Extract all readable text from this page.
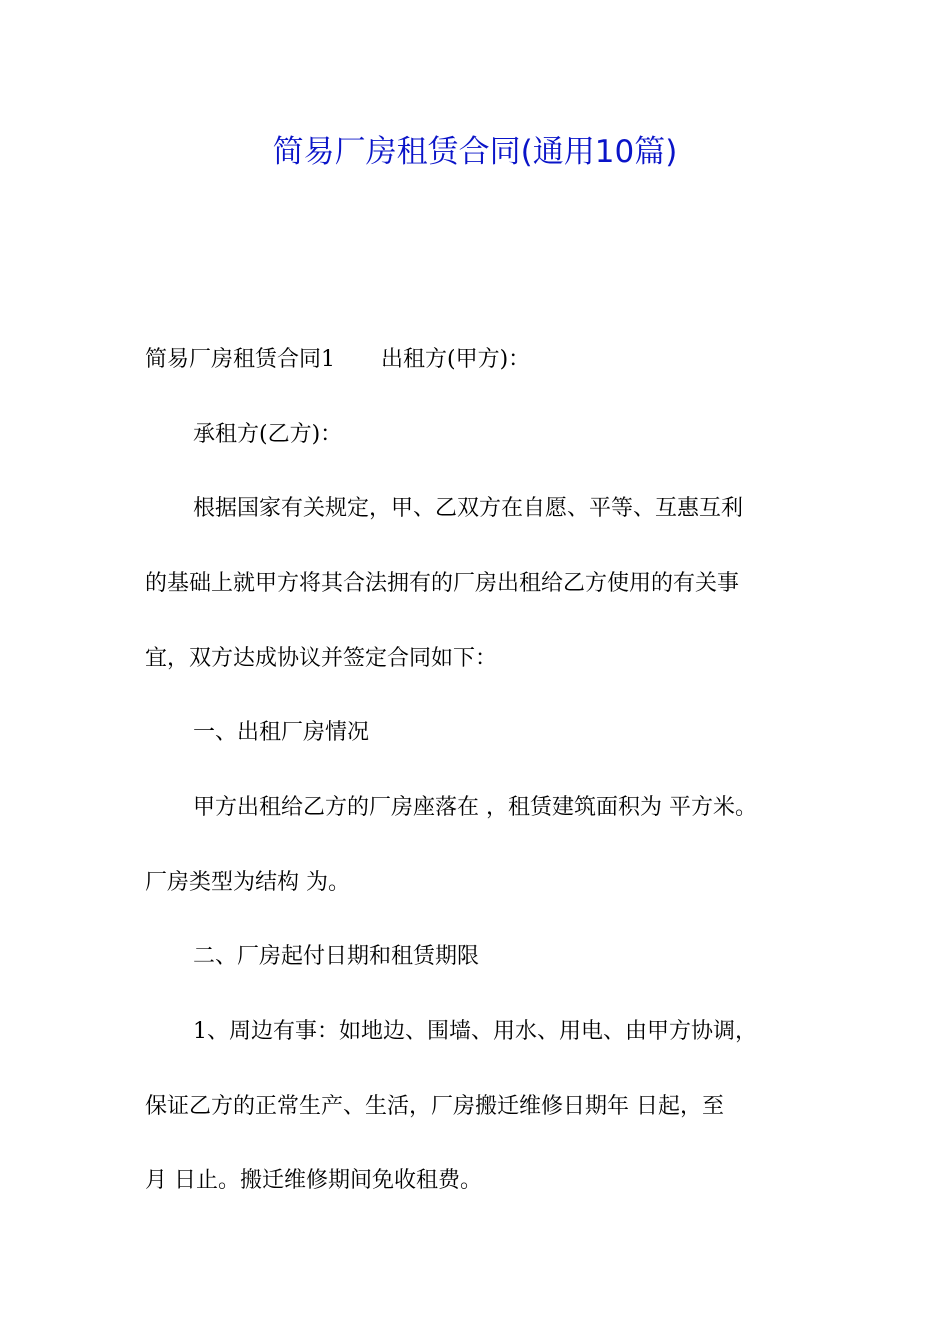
简易厂房租赁合同(通用10篇)
简易厂房租赁合同1 出租方(甲方)：
承租方(乙方)：
根据国家有关规定，甲、乙双方在自愿、平等、互惠互利
的基础上就甲方将其合法拥有的厂房出租给乙方使用的有关事
宜，双方达成协议并签定合同如下：
一、出租厂房情况
甲方出租给乙方的厂房座落在 ，租赁建筑面积为 平方米。
厂房类型为结构 为。
二、厂房起付日期和租赁期限
1、周边有事：如地边、围墙、用水、用电、由甲方协调，
保证乙方的正常生产、生活，厂房搬迁维修日期年 日起，至
月 日止。搬迁维修期间免收租费。
